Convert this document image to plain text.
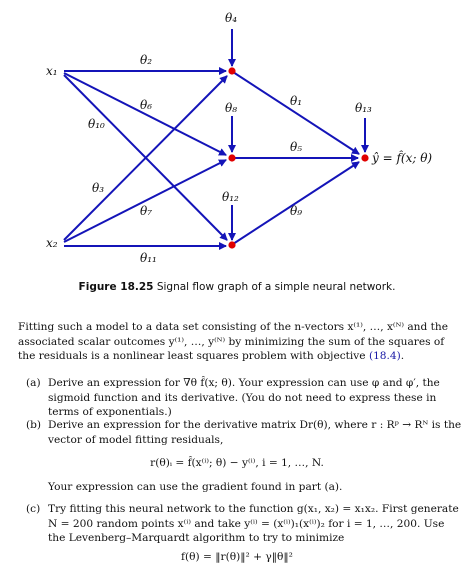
x₁
x₂
θ₄
θ₈
θ₁₂
θ₂
θ₆
θ₁₀
θ₃
θ₇
θ₁₁
θ₁
θ₅
θ₉
θ₁₃
ŷ = f̂(x; θ)
Figure 18.25 Signal flow graph of a simple neural network.
Fitting such a model to a data set consisting of the n-vectors x⁽¹⁾, …, x⁽ᴺ⁾ and the associated scalar outcomes y⁽¹⁾, …, y⁽ᴺ⁾ by minimizing the sum of the squares of the residuals is a nonlinear least squares problem with objective (18.4).
(a) Derive an expression for ∇θ f̂(x; θ). Your expression can use φ and φ′, the sigmoid function and its derivative. (You do not need to express these in terms of exponentials.)
(b) Derive an expression for the derivative matrix Dr(θ), where r : Rᵖ → Rᴺ is the vector of model fitting residuals,
r(θ)ᵢ = f̂(x⁽ⁱ⁾; θ) − y⁽ⁱ⁾, i = 1, …, N.
Your expression can use the gradient found in part (a).
(c) Try fitting this neural network to the function g(x₁, x₂) = x₁x₂. First generate N = 200 random points x⁽ⁱ⁾ and take y⁽ⁱ⁾ = (x⁽ⁱ⁾)₁(x⁽ⁱ⁾)₂ for i = 1, …, 200. Use the Levenberg–Marquardt algorithm to try to minimize
f(θ) = ‖r(θ)‖² + γ‖θ‖²
